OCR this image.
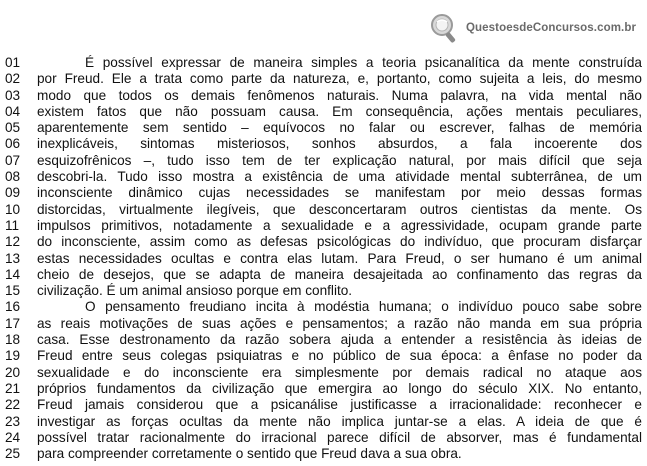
QuestoesdeConcursos.com.br
01	É possível expressar de maneira simples a teoria psicanalítica da mente construída
02	por Freud. Ele a trata como parte da natureza, e, portanto, como sujeita a leis, do mesmo
03	modo que todos os demais fenômenos naturais. Numa palavra, na vida mental não
04	existem fatos que não possuam causa. Em consequência, ações mentais peculiares,
05	aparentemente sem sentido – equívocos no falar ou escrever, falhas de memória
06	inexplicáveis, sintomas misteriosos, sonhos absurdos, a fala incoerente dos
07	esquizofrênicos –, tudo isso tem de ter explicação natural, por mais difícil que seja
08	descobri-la. Tudo isso mostra a existência de uma atividade mental subterrânea, de um
09	inconsciente dinâmico cujas necessidades se manifestam por meio dessas formas
10	distorcidas, virtualmente ilegíveis, que desconcertaram outros cientistas da mente. Os
11	impulsos primitivos, notadamente a sexualidade e a agressividade, ocupam grande parte
12	do inconsciente, assim como as defesas psicológicas do indivíduo, que procuram disfarçar
13	estas necessidades ocultas e contra elas lutam. Para Freud, o ser humano é um animal
14	cheio de desejos, que se adapta de maneira desajeitada ao confinamento das regras da
15	civilização. É um animal ansioso porque em conflito.
16	O pensamento freudiano incita à modéstia humana; o indivíduo pouco sabe sobre
17	as reais motivações de suas ações e pensamentos; a razão não manda em sua própria
18	casa. Esse destronamento da razão sobera ajuda a entender a resistência às ideias de
19	Freud entre seus colegas psiquiatras e no público de sua época: a ênfase no poder da
20	sexualidade e do inconsciente era simplesmente por demais radical no ataque aos
21	próprios fundamentos da civilização que emergira ao longo do século XIX. No entanto,
22	Freud jamais considerou que a psicanálise justificasse a irracionalidade: reconhecer e
23	investigar as forças ocultas da mente não implica juntar-se a elas. A ideia de que é
24	possível tratar racionalmente do irracional parece difícil de absorver, mas é fundamental
25	para compreender corretamente o sentido que Freud dava a sua obra.
